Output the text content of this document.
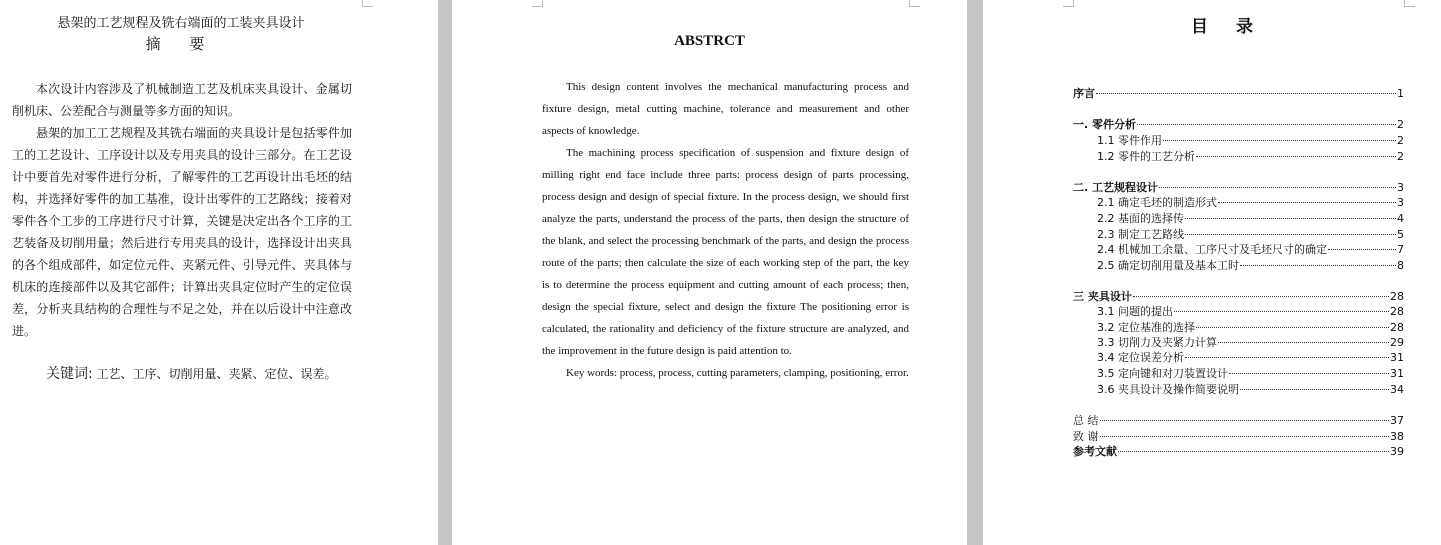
悬架的工艺规程及铣右端面的工装夹具设计
摘 要

本次设计内容涉及了机械制造工艺及机床夹具设计、金属切削机床、公差配合与测量等多方面的知识。

悬架的加工工艺规程及其铣右端面的夹具设计是包括零件加工的工艺设计、工序设计以及专用夹具的设计三部分。在工艺设计中要首先对零件进行分析，了解零件的工艺再设计出毛坯的结构，并选择好零件的加工基准，设计出零件的工艺路线；接着对零件各个工步的工序进行尺寸计算，关键是决定出各个工序的工艺装备及切削用量；然后进行专用夹具的设计，选择设计出夹具的各个组成部件，如定位元件、夹紧元件、引导元件、夹具体与机床的连接部件以及其它部件；计算出夹具定位时产生的定位误差，分析夹具结构的合理性与不足之处，并在以后设计中注意改进。

关键词: 工艺、工序、切削用量、夹紧、定位、误差。
ABSTRCT

This design content involves the mechanical manufacturing process and fixture design, metal cutting machine, tolerance and measurement and other aspects of knowledge.

The machining process specification of suspension and fixture design of milling right end face include three parts: process design of parts processing, process design and design of special fixture. In the process design, we should first analyze the parts, understand the process of the parts, then design the structure of the blank, and select the processing benchmark of the parts, and design the process route of the parts; then calculate the size of each working step of the part, the key is to determine the process equipment and cutting amount of each process; then, design the special fixture, select and design the fixture The positioning error is calculated, the rationality and deficiency of the fixture structure are analyzed, and the improvement in the future design is paid attention to.

Key words: process, process, cutting parameters, clamping, positioning, error.

目录
序言	1
一. 零件分析	2
1.1 零件作用	2
1.2 零件的工艺分析	2
二. 工艺规程设计	3
2.1 确定毛坯的制造形式	3
2.2 基面的选择传	4
2.3 制定工艺路线	5
2.4 机械加工余量、工序尺寸及毛坯尺寸的确定	7
2.5 确定切削用量及基本工时	8
三 夹具设计	28
3.1 问题的提出	28
3.2 定位基准的选择	28
3.3 切削力及夹紧力计算	29
3.4 定位误差分析	31
3.5 定向键和对刀装置设计	31
3.6 夹具设计及操作简要说明	34
总 结	37
致 谢	38
参考文献	39
